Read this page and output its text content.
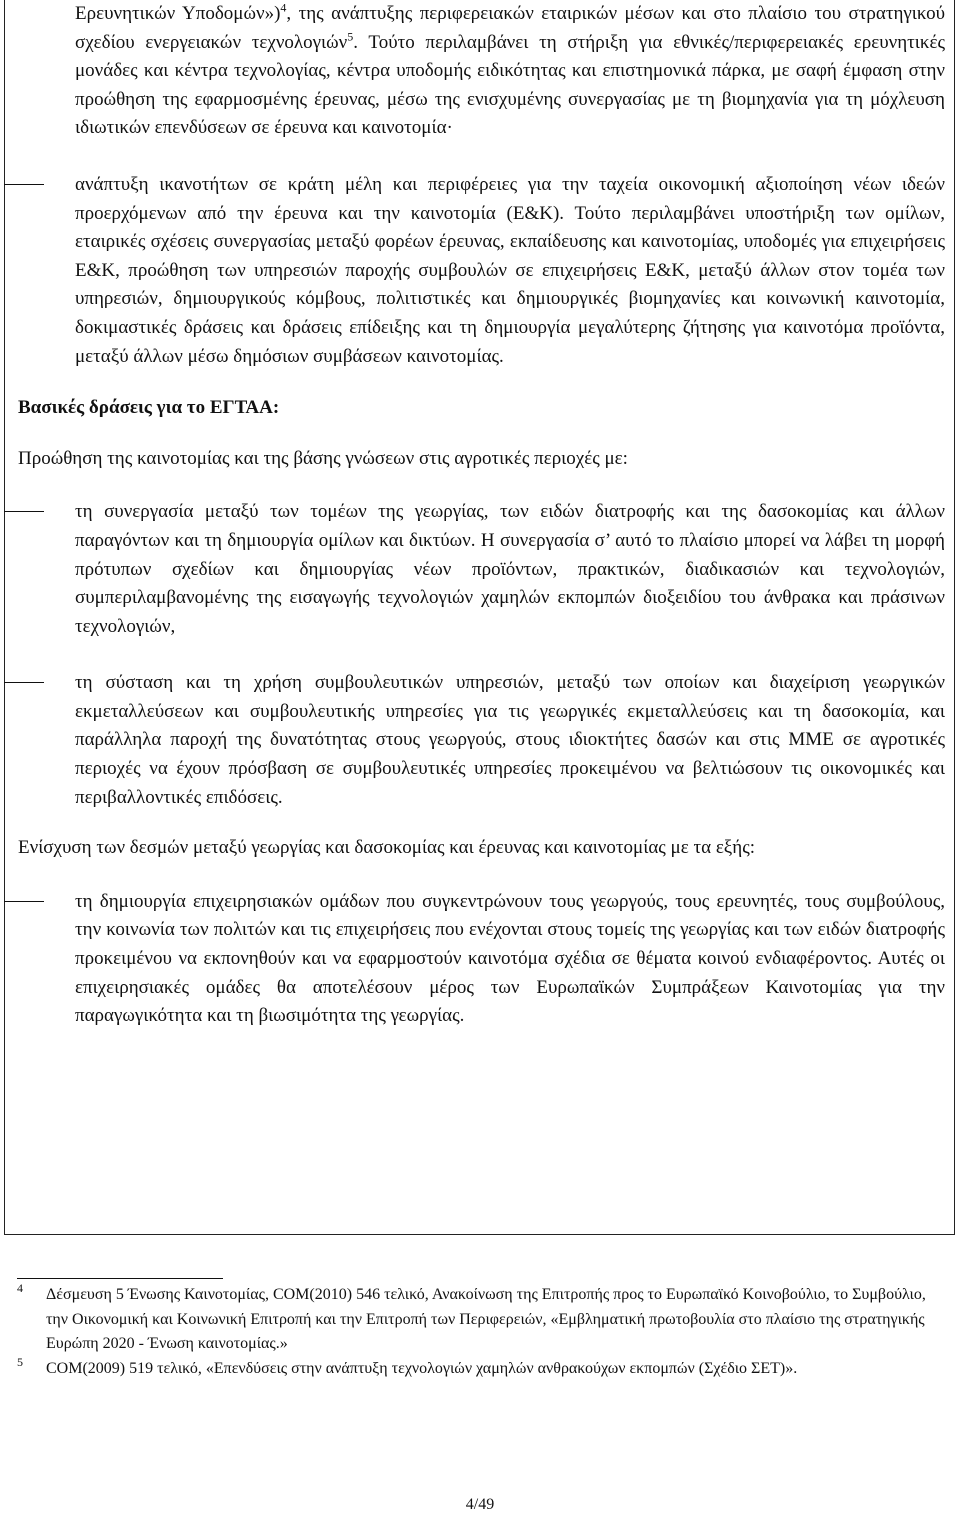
Ερευνητικών Υποδομών»)$^4$, της ανάπτυξης περιφερειακών εταιρικών μέσων και στο πλαίσιο του στρατηγικού σχεδίου ενεργειακών τεχνολογιών$^5$. Τούτο περιλαμβάνει τη στήριξη για εθνικές/περιφερειακές ερευνητικές μονάδες και κέντρα τεχνολογίας, κέντρα υποδομής ειδικότητας και επιστημονικά πάρκα, με σαφή έμφαση στην προώθηση της εφαρμοσμένης έρευνας, μέσω της ενισχυμένης συνεργασίας με τη βιομηχανία για τη μόχλευση ιδιωτικών επενδύσεων σε έρευνα και καινοτομία·

ανάπτυξη ικανοτήτων σε κράτη μέλη και περιφέρειες για την ταχεία οικονομική αξιοποίηση νέων ιδεών προερχόμενων από την έρευνα και την καινοτομία (Ε&Κ). Τούτο περιλαμβάνει υποστήριξη των ομίλων, εταιρικές σχέσεις συνεργασίας μεταξύ φορέων έρευνας, εκπαίδευσης και καινοτομίας, υποδομές για επιχειρήσεις Ε&Κ, προώθηση των υπηρεσιών παροχής συμβουλών σε επιχειρήσεις Ε&Κ, μεταξύ άλλων στον τομέα των υπηρεσιών, δημιουργικούς κόμβους, πολιτιστικές και δημιουργικές βιομηχανίες και κοινωνική καινοτομία, δοκιμαστικές δράσεις και δράσεις επίδειξης και τη δημιουργία μεγαλύτερης ζήτησης για καινοτόμα προϊόντα, μεταξύ άλλων μέσω δημόσιων συμβάσεων καινοτομίας.

Βασικές δράσεις για το ΕΓΤΑΑ:

Προώθηση της καινοτομίας και της βάσης γνώσεων στις αγροτικές περιοχές με:

τη συνεργασία μεταξύ των τομέων της γεωργίας, των ειδών διατροφής και της δασοκομίας και άλλων παραγόντων και τη δημιουργία ομίλων και δικτύων. Η συνεργασία σ’ αυτό το πλαίσιο μπορεί να λάβει τη μορφή πρότυπων σχεδίων και δημιουργίας νέων προϊόντων, πρακτικών, διαδικασιών και τεχνολογιών, συμπεριλαμβανομένης της εισαγωγής τεχνολογιών χαμηλών εκπομπών διοξειδίου του άνθρακα και πράσινων τεχνολογιών,

τη σύσταση και τη χρήση συμβουλευτικών υπηρεσιών, μεταξύ των οποίων και διαχείριση γεωργικών εκμεταλλεύσεων και συμβουλευτικής υπηρεσίες για τις γεωργικές εκμεταλλεύσεις και τη δασοκομία, και παράλληλα παροχή της δυνατότητας στους γεωργούς, στους ιδιοκτήτες δασών και στις ΜΜΕ σε αγροτικές περιοχές να έχουν πρόσβαση σε συμβουλευτικές υπηρεσίες προκειμένου να βελτιώσουν τις οικονομικές και περιβαλλοντικές επιδόσεις.

Ενίσχυση των δεσμών μεταξύ γεωργίας και δασοκομίας και έρευνας και καινοτομίας με τα εξής:

τη δημιουργία επιχειρησιακών ομάδων που συγκεντρώνουν τους γεωργούς, τους ερευνητές, τους συμβούλους, την κοινωνία των πολιτών και τις επιχειρήσεις που ενέχονται στους τομείς της γεωργίας και των ειδών διατροφής προκειμένου να εκπονηθούν και να εφαρμοστούν καινοτόμα σχέδια σε θέματα κοινού ενδιαφέροντος. Αυτές οι επιχειρησιακές ομάδες θα αποτελέσουν μέρος των Ευρωπαϊκών Συμπράξεων Καινοτομίας για την παραγωγικότητα και τη βιωσιμότητα της γεωργίας.

4 Δέσμευση 5 Ένωσης Καινοτομίας, COM(2010) 546 τελικό, Ανακοίνωση της Επιτροπής προς το Ευρωπαϊκό Κοινοβούλιο, το Συμβούλιο, την Οικονομική και Κοινωνική Επιτροπή και την Επιτροπή των Περιφερειών, «Εμβληματική πρωτοβουλία στο πλαίσιο της στρατηγικής Ευρώπη 2020 - Ένωση καινοτομίας.»

5 COM(2009) 519 τελικό, «Επενδύσεις στην ανάπτυξη τεχνολογιών χαμηλών ανθρακούχων εκπομπών (Σχέδιο ΣΕΤ)».

4/49
